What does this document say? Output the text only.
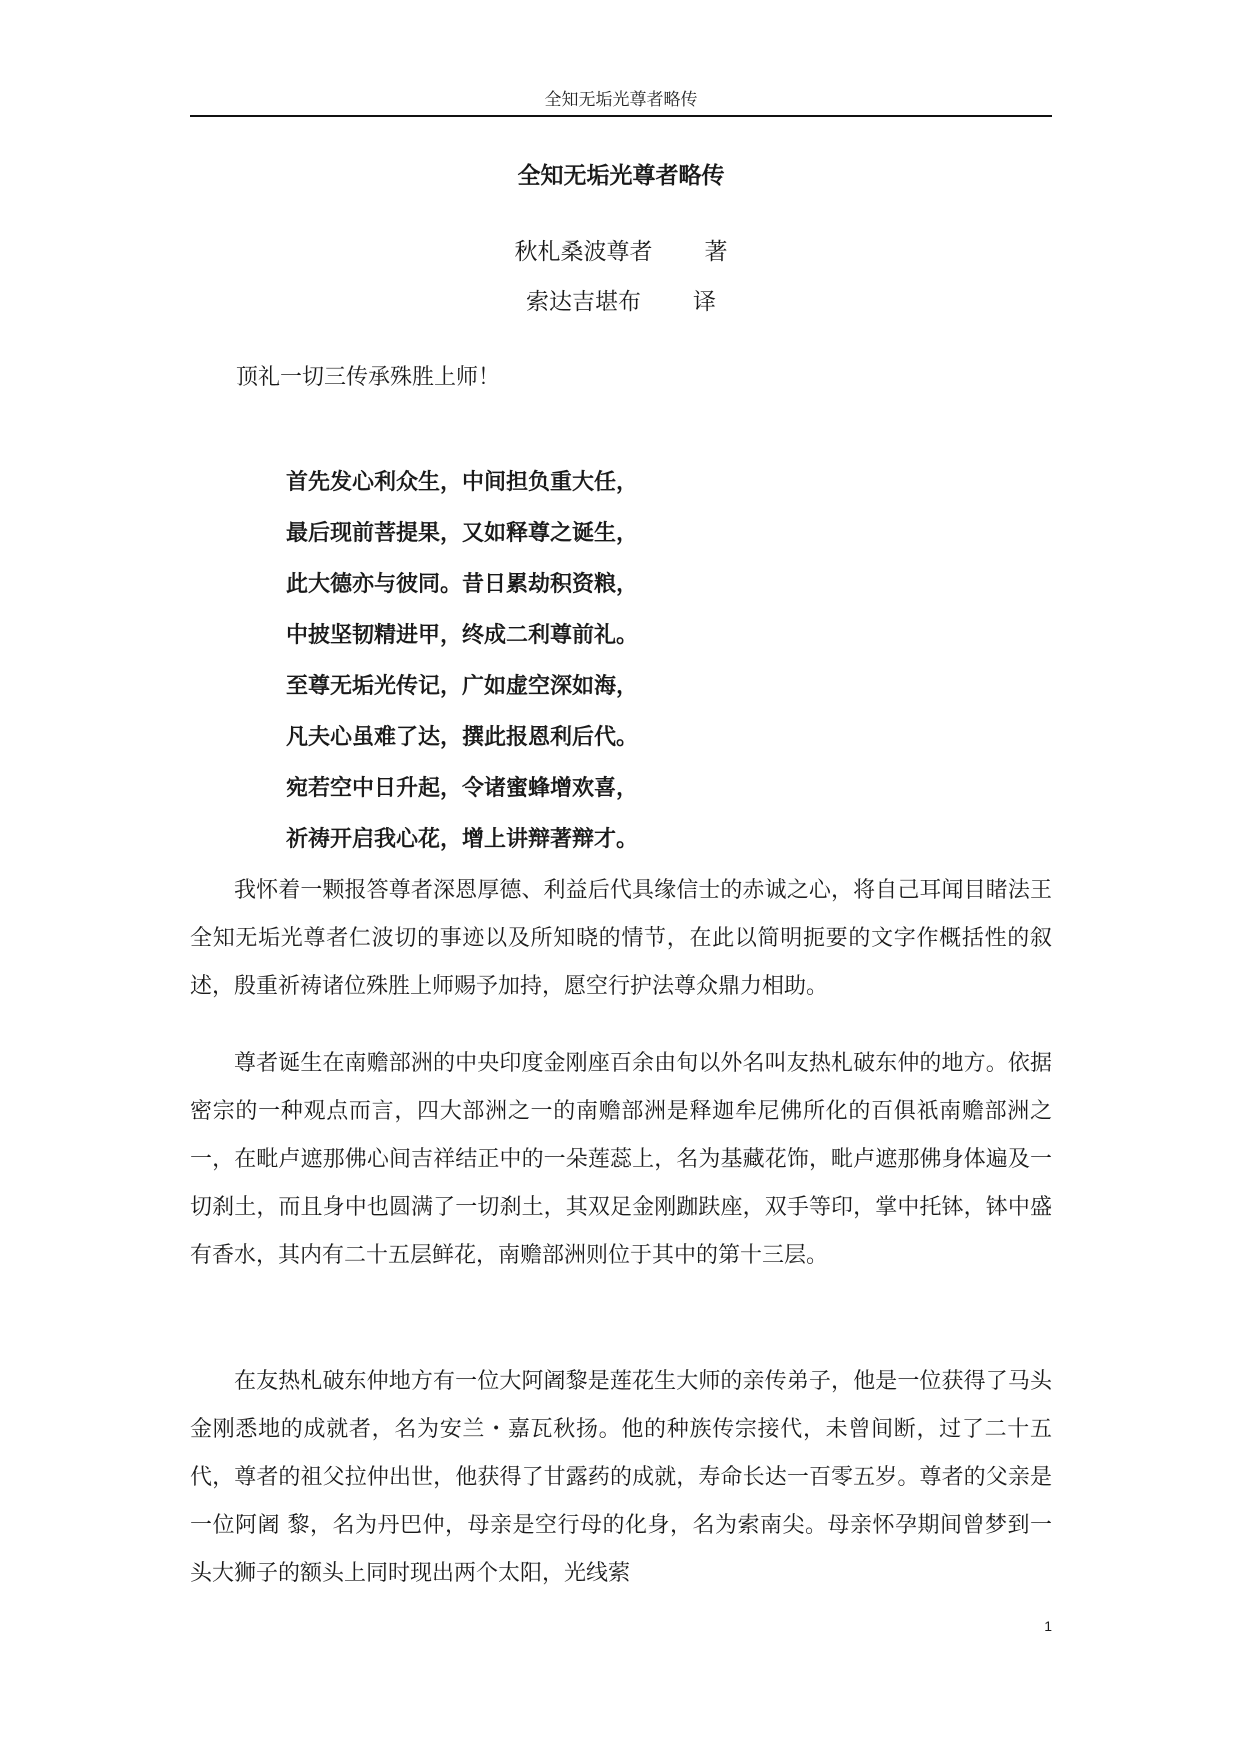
全知无垢光尊者略传
全知无垢光尊者略传
秋札桑波尊者 著
索达吉堪布 译
顶礼一切三传承殊胜上师！
首先发心利众生，中间担负重大任，
最后现前菩提果，又如释尊之诞生，
此大德亦与彼同。昔日累劫积资粮，
中披坚韧精进甲，终成二利尊前礼。
至尊无垢光传记，广如虚空深如海，
凡夫心虽难了达，撰此报恩利后代。
宛若空中日升起，令诸蜜蜂增欢喜，
祈祷开启我心花，增上讲辩著辩才。

我怀着一颗报答尊者深恩厚德、利益后代具缘信士的赤诚之心，将自己耳闻目睹法王全知无垢光尊者仁波切的事迹以及所知晓的情节，在此以简明扼要的文字作概括性的叙述，殷重祈祷诸位殊胜上师赐予加持，愿空行护法尊众鼎力相助。

尊者诞生在南赡部洲的中央印度金刚座百余由旬以外名叫友热札破东仲的地方。依据密宗的一种观点而言，四大部洲之一的南赡部洲是释迦牟尼佛所化的百俱祇南赡部洲之一，在毗卢遮那佛心间吉祥结正中的一朵莲蕊上，名为基藏花饰，毗卢遮那佛身体遍及一切刹土，而且身中也圆满了一切刹土，其双足金刚跏趺座，双手等印，掌中托钵，钵中盛有香水，其内有二十五层鲜花，南赡部洲则位于其中的第十三层。

在友热札破东仲地方有一位大阿阇黎是莲花生大师的亲传弟子，他是一位获得了马头金刚悉地的成就者，名为安兰・嘉瓦秋扬。他的种族传宗接代，未曾间断，过了二十五代，尊者的祖父拉仲出世，他获得了甘露药的成就，寿命长达一百零五岁。尊者的父亲是一位阿阇 黎，名为丹巴仲，母亲是空行母的化身，名为索南尖。母亲怀孕期间曾梦到一头大狮子的额头上同时现出两个太阳，光线萦

1
